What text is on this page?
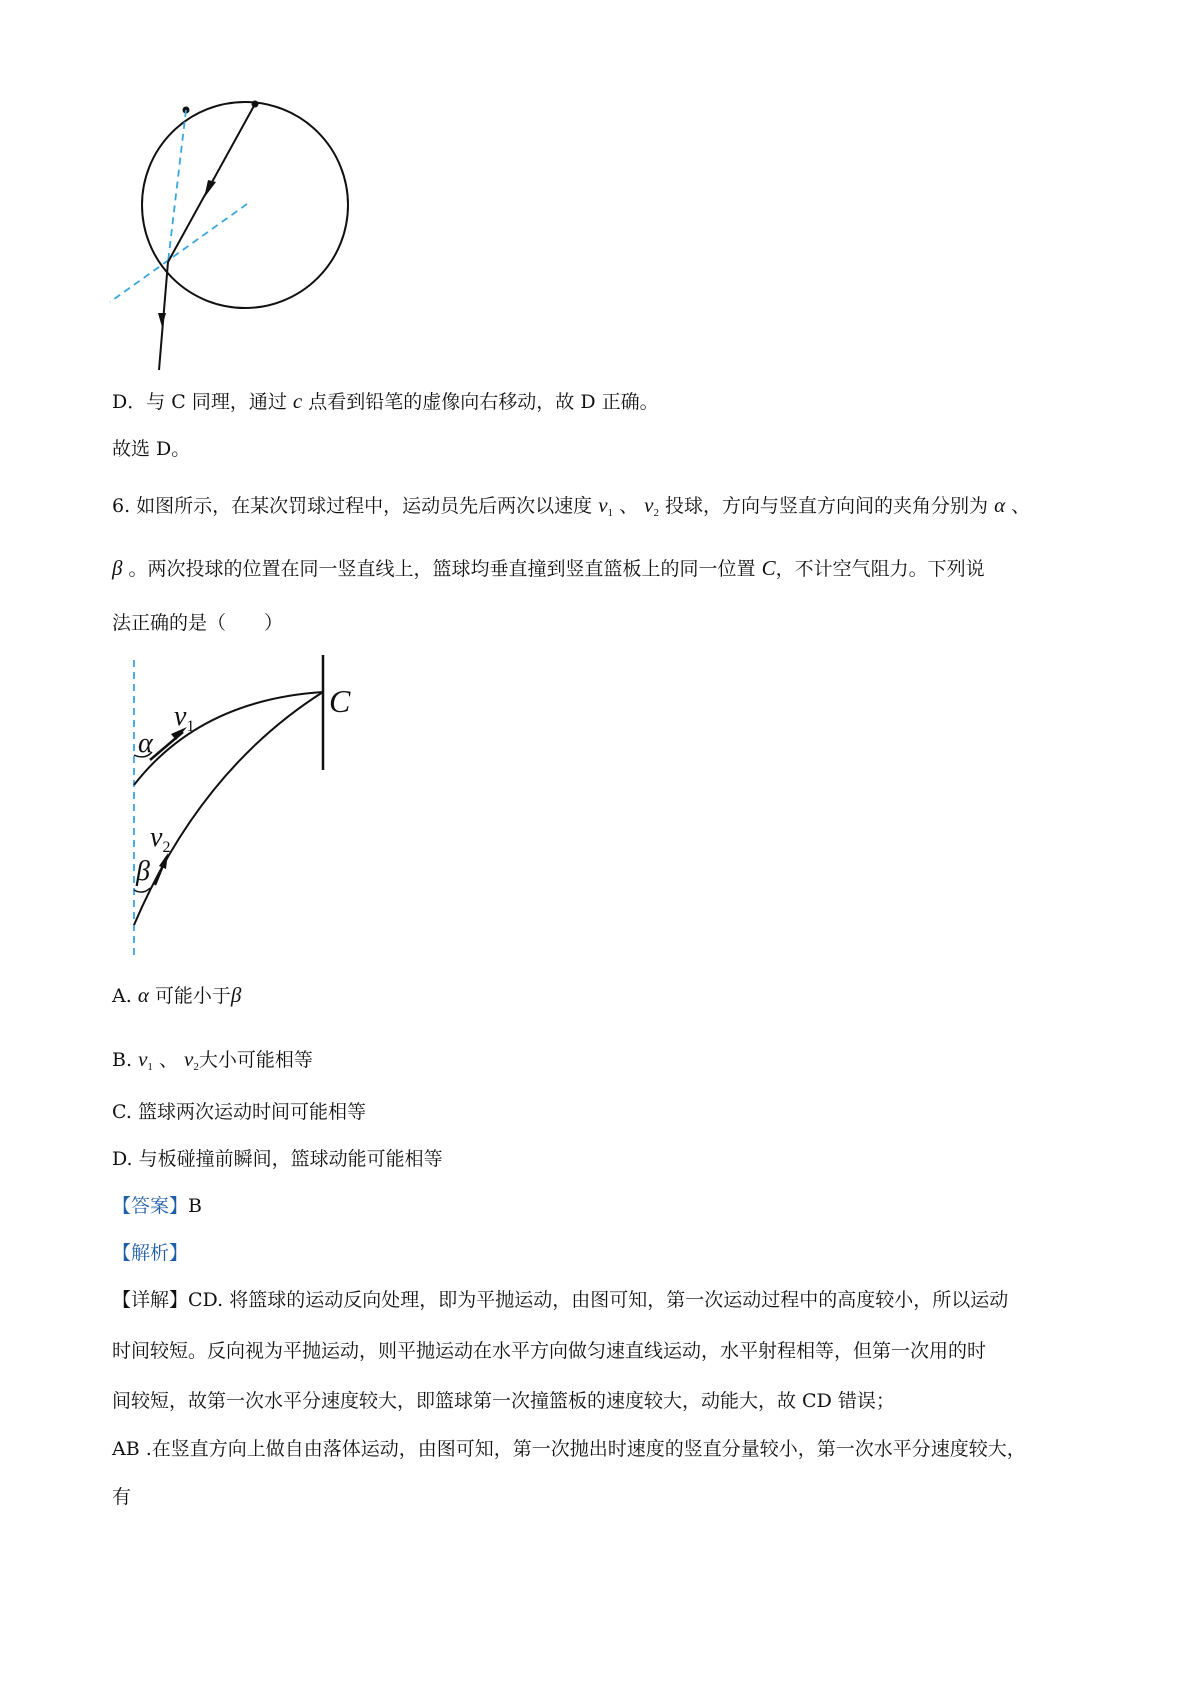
D．与 C 同理，通过 c 点看到铅笔的虚像向右移动，故 D 正确。
故选 D。
6. 如图所示，在某次罚球过程中，运动员先后两次以速度 $v_1$ 、 $v_2$ 投球，方向与竖直方向间的夹角分别为 α 、
β 。两次投球的位置在同一竖直线上，篮球均垂直撞到竖直篮板上的同一位置 C，不计空气阻力。下列说
法正确的是（　　）
C
$v_1$
α
$v_2$
β
A. α 可能小于β
B. $v_1$ 、 $v_2$大小可能相等
C. 篮球两次运动时间可能相等
D. 与板碰撞前瞬间，篮球动能可能相等
【答案】B
【解析】
【详解】CD. 将篮球的运动反向处理，即为平抛运动，由图可知，第一次运动过程中的高度较小，所以运动
时间较短。反向视为平抛运动，则平抛运动在水平方向做匀速直线运动，水平射程相等，但第一次用的时
间较短，故第一次水平分速度较大，即篮球第一次撞篮板的速度较大，动能大，故 CD 错误；
AB .在竖直方向上做自由落体运动，由图可知，第一次抛出时速度的竖直分量较小，第一次水平分速度较大，
有
